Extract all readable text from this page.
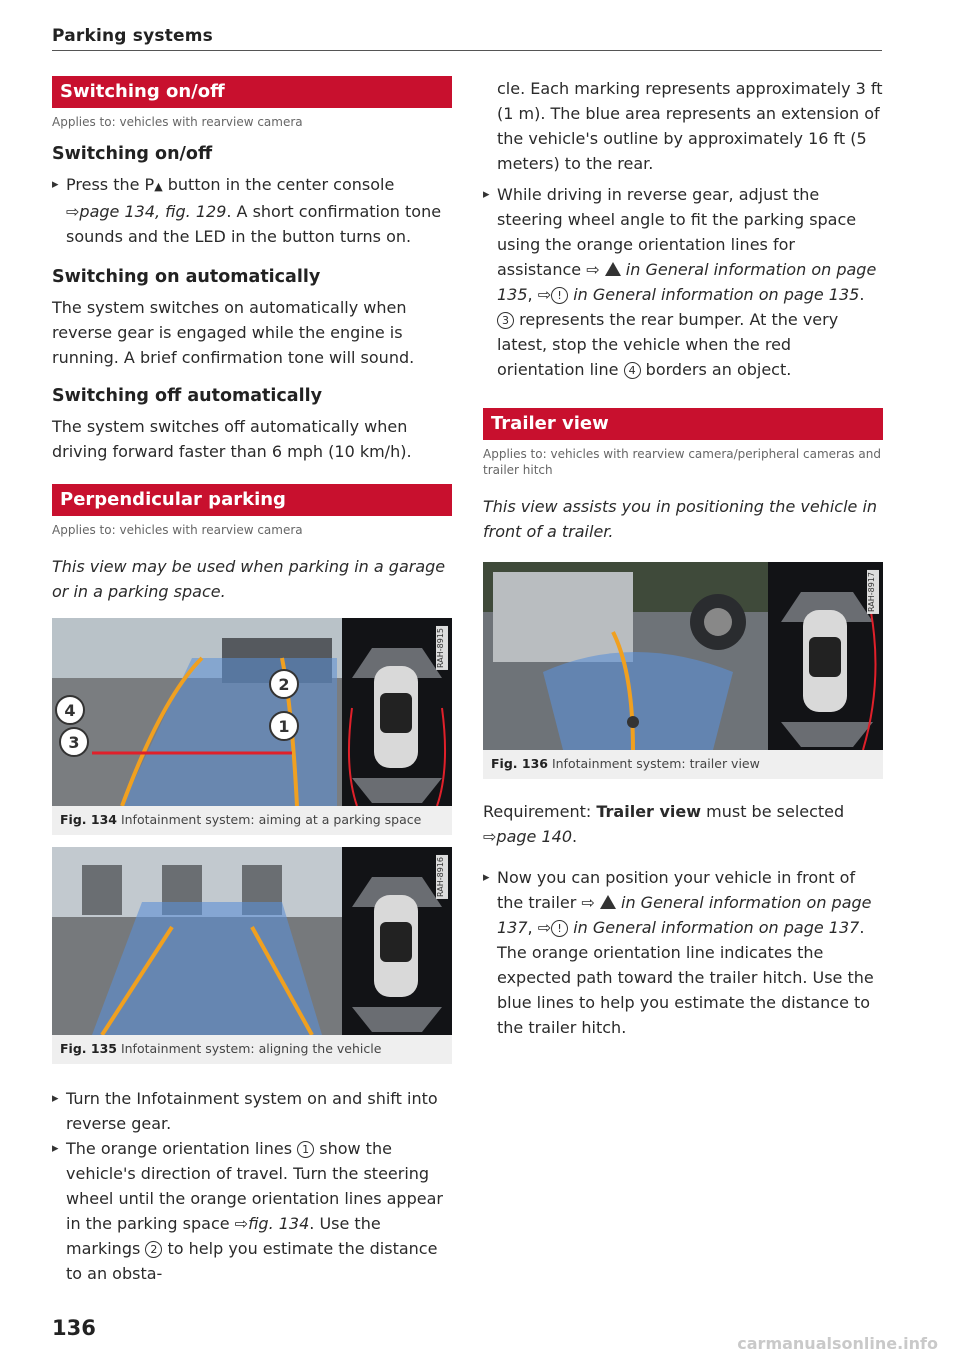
Parking systems
Switching on/off
Applies to: vehicles with rearview camera
Switching on/off
▸ Press the P▲ button in the center console ⇨page 134, fig. 129. A short confirmation tone sounds and the LED in the button turns on.
Switching on automatically

The system switches on automatically when reverse gear is engaged while the engine is running. A brief confirmation tone will sound.

Switching off automatically

The system switches off automatically when driving forward faster than 6 mph (10 km/h).

Perpendicular parking
Applies to: vehicles with rearview camera

This view may be used when parking in a garage or in a parking space.

4
3
2
1
RAH-8915
Fig. 134 Infotainment system: aiming at a parking space
RAH-8916
Fig. 135 Infotainment system: aligning the vehicle
▸ Turn the Infotainment system on and shift into reverse gear.
▸ The orange orientation lines 1 show the vehicle's direction of travel. Turn the steering wheel until the orange orientation lines appear in the parking space ⇨fig. 134. Use the markings 2 to help you estimate the distance to an obsta-

cle. Each marking represents approximately 3 ft (1 m). The blue area represents an extension of the vehicle's outline by approximately 16 ft (5 meters) to the rear.

▸ While driving in reverse gear, adjust the steering wheel angle to fit the parking space using the orange orientation lines for assistance ⇨ in General information on page 135, ⇨ ! in General information on page 135. 3 represents the rear bumper. At the very latest, stop the vehicle when the red orientation line 4 borders an object.
Trailer view
Applies to: vehicles with rearview camera/peripheral cameras and trailer hitch

This view assists you in positioning the vehicle in front of a trailer.

RAH-8917
Fig. 136 Infotainment system: trailer view

Requirement: Trailer view must be selected ⇨page 140.

▸ Now you can position your vehicle in front of the trailer ⇨ in General information on page 137, ⇨ ! in General information on page 137. The orange orientation line indicates the expected path toward the trailer hitch. Use the blue lines to help you estimate the distance to the trailer hitch.
136
carmanualsonline.info
